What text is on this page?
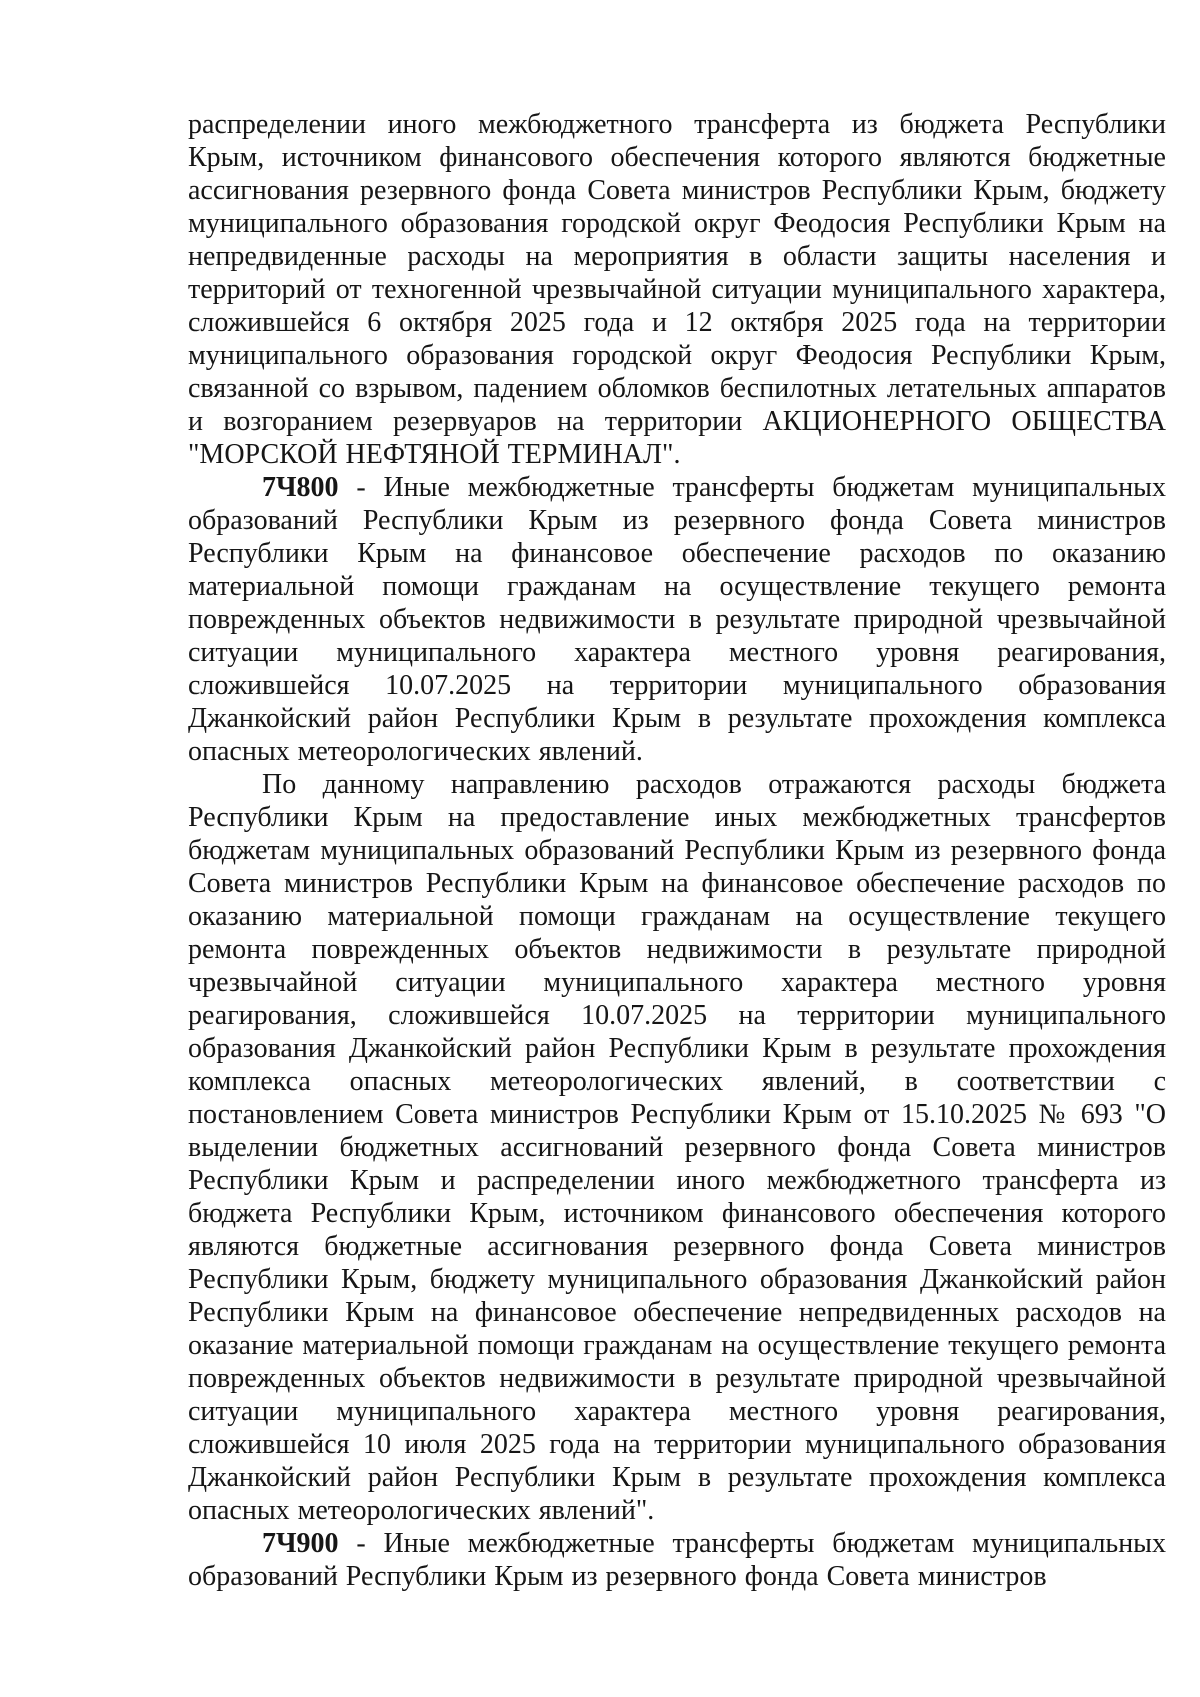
распределении иного межбюджетного трансферта из бюджета Республики Крым, источником финансового обеспечения которого являются бюджетные ассигнования резервного фонда Совета министров Республики Крым, бюджету муниципального образования городской округ Феодосия Республики Крым на непредвиденные расходы на мероприятия в области защиты населения и территорий от техногенной чрезвычайной ситуации муниципального характера, сложившейся 6 октября 2025 года и 12 октября 2025 года на территории муниципального образования городской округ Феодосия Республики Крым, связанной со взрывом, падением обломков беспилотных летательных аппаратов и возгоранием резервуаров на территории АКЦИОНЕРНОГО ОБЩЕСТВА "МОРСКОЙ НЕФТЯНОЙ ТЕРМИНАЛ".

7Ч800 - Иные межбюджетные трансферты бюджетам муниципальных образований Республики Крым из резервного фонда Совета министров Республики Крым на финансовое обеспечение расходов по оказанию материальной помощи гражданам на осуществление текущего ремонта поврежденных объектов недвижимости в результате природной чрезвычайной ситуации муниципального характера местного уровня реагирования, сложившейся 10.07.2025 на территории муниципального образования Джанкойский район Республики Крым в результате прохождения комплекса опасных метеорологических явлений.

По данному направлению расходов отражаются расходы бюджета Республики Крым на предоставление иных межбюджетных трансфертов бюджетам муниципальных образований Республики Крым из резервного фонда Совета министров Республики Крым на финансовое обеспечение расходов по оказанию материальной помощи гражданам на осуществление текущего ремонта поврежденных объектов недвижимости в результате природной чрезвычайной ситуации муниципального характера местного уровня реагирования, сложившейся 10.07.2025 на территории муниципального образования Джанкойский район Республики Крым в результате прохождения комплекса опасных метеорологических явлений, в соответствии с постановлением Совета министров Республики Крым от 15.10.2025 № 693 "О выделении бюджетных ассигнований резервного фонда Совета министров Республики Крым и распределении иного межбюджетного трансферта из бюджета Республики Крым, источником финансового обеспечения которого являются бюджетные ассигнования резервного фонда Совета министров Республики Крым, бюджету муниципального образования Джанкойский район Республики Крым на финансовое обеспечение непредвиденных расходов на оказание материальной помощи гражданам на осуществление текущего ремонта поврежденных объектов недвижимости в результате природной чрезвычайной ситуации муниципального характера местного уровня реагирования, сложившейся 10 июля 2025 года на территории муниципального образования Джанкойский район Республики Крым в результате прохождения комплекса опасных метеорологических явлений".

7Ч900 - Иные межбюджетные трансферты бюджетам муниципальных образований Республики Крым из резервного фонда Совета министров
